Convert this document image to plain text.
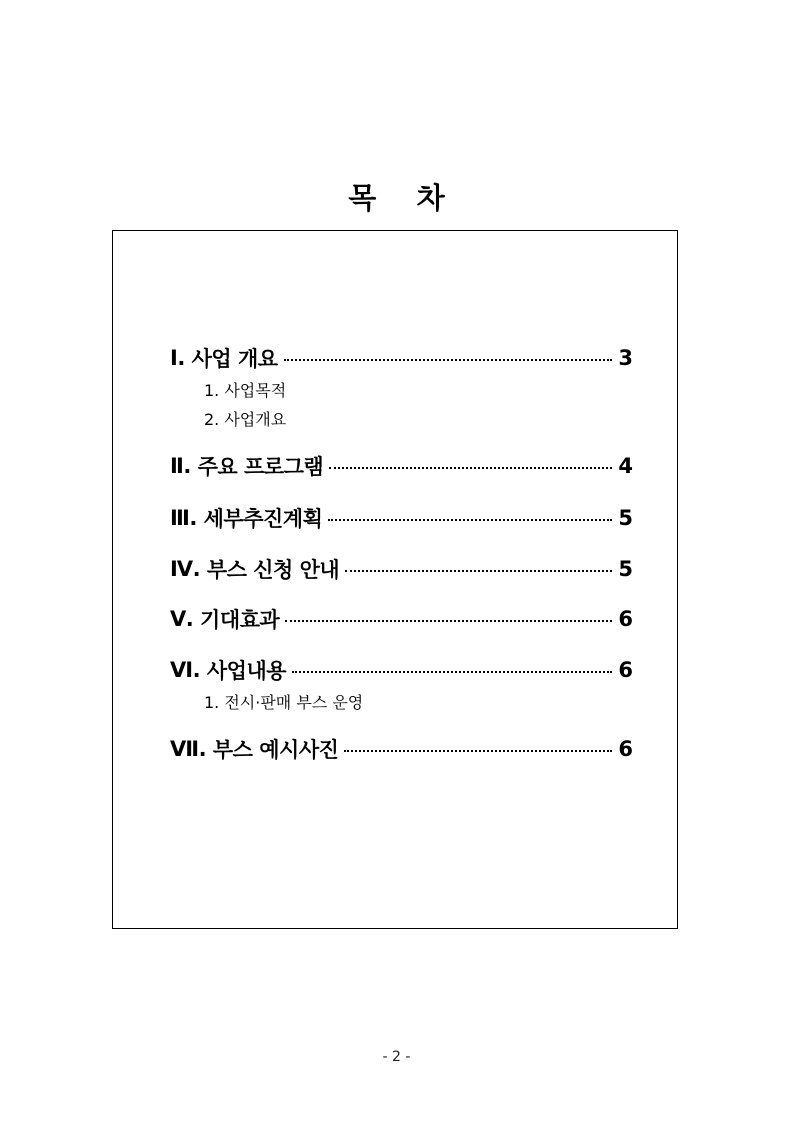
목    차
Ⅰ. 사업 개요	3
1. 사업목적
2. 사업개요
Ⅱ. 주요 프로그램	4
Ⅲ. 세부추진계획	5
Ⅳ. 부스 신청 안내	5
Ⅴ. 기대효과	6
Ⅵ. 사업내용	6
1. 전시·판매 부스 운영
Ⅶ. 부스 예시사진	6
- 2 -
